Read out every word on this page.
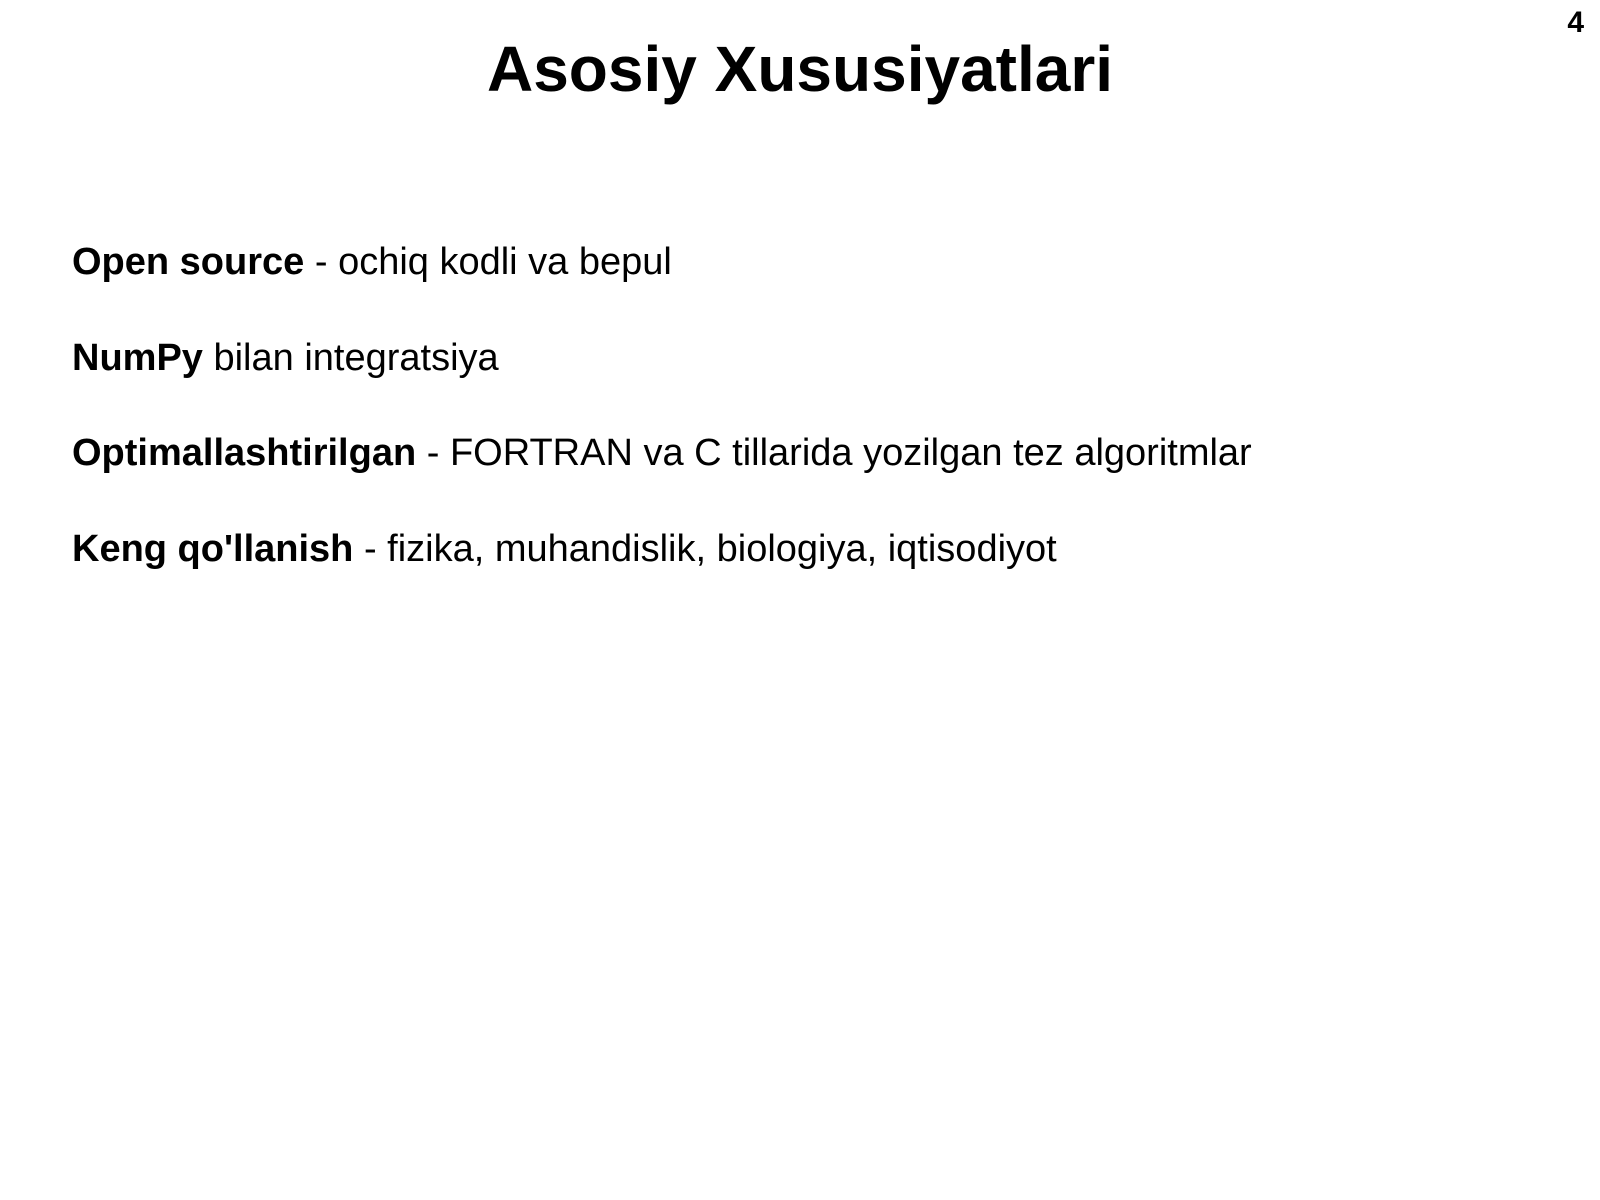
4
Asosiy Xususiyatlari
Open source - ochiq kodli va bepul
NumPy bilan integratsiya
Optimallashtirilgan - FORTRAN va C tillarida yozilgan tez algoritmlar
Keng qo'llanish - fizika, muhandislik, biologiya, iqtisodiyot
